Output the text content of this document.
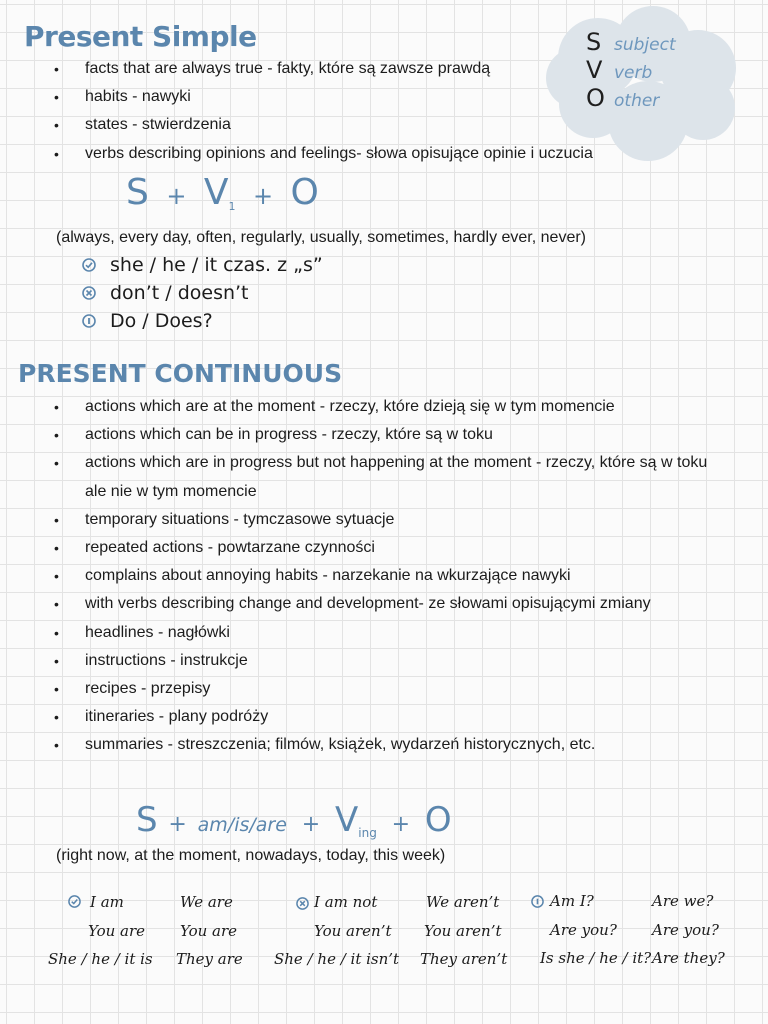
Present Simple
• facts that are always true - fakty, które są zawsze prawdą
• habits - nawyki
• states - stwierdzenia
• verbs describing opinions and feelings- słowa opisujące opinie i uczucia
S subject
V verb
O other
$S + V_1 + O$
(always, every day, often, regularly, usually, sometimes, hardly ever, never)
she / he / it czas. z „s”
don’t / doesn’t
Do / Does?
PRESENT CONTINUOUS
• actions which are at the moment - rzeczy, które dzieją się w tym momencie
• actions which can be in progress - rzeczy, które są w toku
• actions which are in progress but not happening at the moment - rzeczy, które są w toku ale nie w tym momencie
• temporary situations - tymczasowe sytuacje
• repeated actions - powtarzane czynności
• complains about annoying habits - narzekanie na wkurzające nawyki
• with verbs describing change and development- ze słowami opisującymi zmiany
• headlines - nagłówki
• instructions - instrukcje
• recipes - przepisy
• itineraries - plany podróży
• summaries - streszczenia; filmów, książek, wydarzeń historycznych, etc.
$S + am/is/are + V_{ing} + O$
(right now, at the moment, nowadays, today, this week)
I am
You are
She / he / it is
We are
You are
They are
I am not
You aren’t
She / he / it isn’t
We aren’t
You aren’t
They aren’t
Am I?
Are you?
Is she / he / it?
Are we?
Are you?
Are they?
